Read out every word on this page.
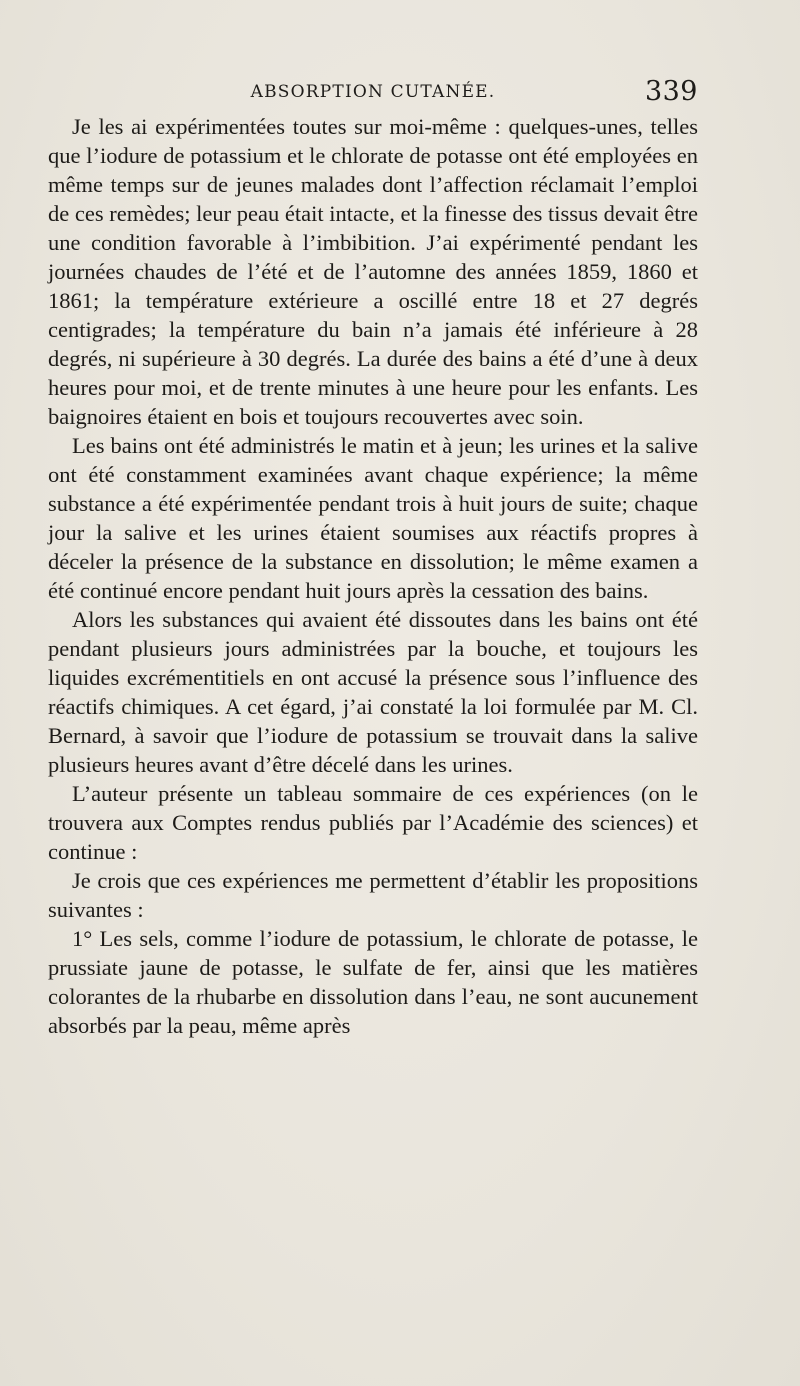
ABSORPTION CUTANÉE.	339

Je les ai expérimentées toutes sur moi-même : quelques-unes, telles que l’iodure de potassium et le chlorate de potasse ont été employées en même temps sur de jeunes malades dont l’affection réclamait l’emploi de ces remèdes; leur peau était intacte, et la finesse des tissus devait être une condition favorable à l’imbibition. J’ai expérimenté pendant les journées chaudes de l’été et de l’automne des années 1859, 1860 et 1861; la température extérieure a oscillé entre 18 et 27 degrés centigrades; la température du bain n’a jamais été inférieure à 28 degrés, ni supérieure à 30 degrés. La durée des bains a été d’une à deux heures pour moi, et de trente minutes à une heure pour les enfants. Les baignoires étaient en bois et toujours recouvertes avec soin.

Les bains ont été administrés le matin et à jeun; les urines et la salive ont été constamment examinées avant chaque expérience; la même substance a été expérimentée pendant trois à huit jours de suite; chaque jour la salive et les urines étaient soumises aux réactifs propres à déceler la présence de la substance en dissolution; le même examen a été continué encore pendant huit jours après la cessation des bains.

Alors les substances qui avaient été dissoutes dans les bains ont été pendant plusieurs jours administrées par la bouche, et toujours les liquides excrémentitiels en ont accusé la présence sous l’influence des réactifs chimiques. A cet égard, j’ai constaté la loi formulée par M. Cl. Bernard, à savoir que l’iodure de potassium se trouvait dans la salive plusieurs heures avant d’être décelé dans les urines.

L’auteur présente un tableau sommaire de ces expériences (on le trouvera aux Comptes rendus publiés par l’Académie des sciences) et continue :

Je crois que ces expériences me permettent d’établir les propositions suivantes :

1° Les sels, comme l’iodure de potassium, le chlorate de potasse, le prussiate jaune de potasse, le sulfate de fer, ainsi que les matières colorantes de la rhubarbe en dissolution dans l’eau, ne sont aucunement absorbés par la peau, même après
